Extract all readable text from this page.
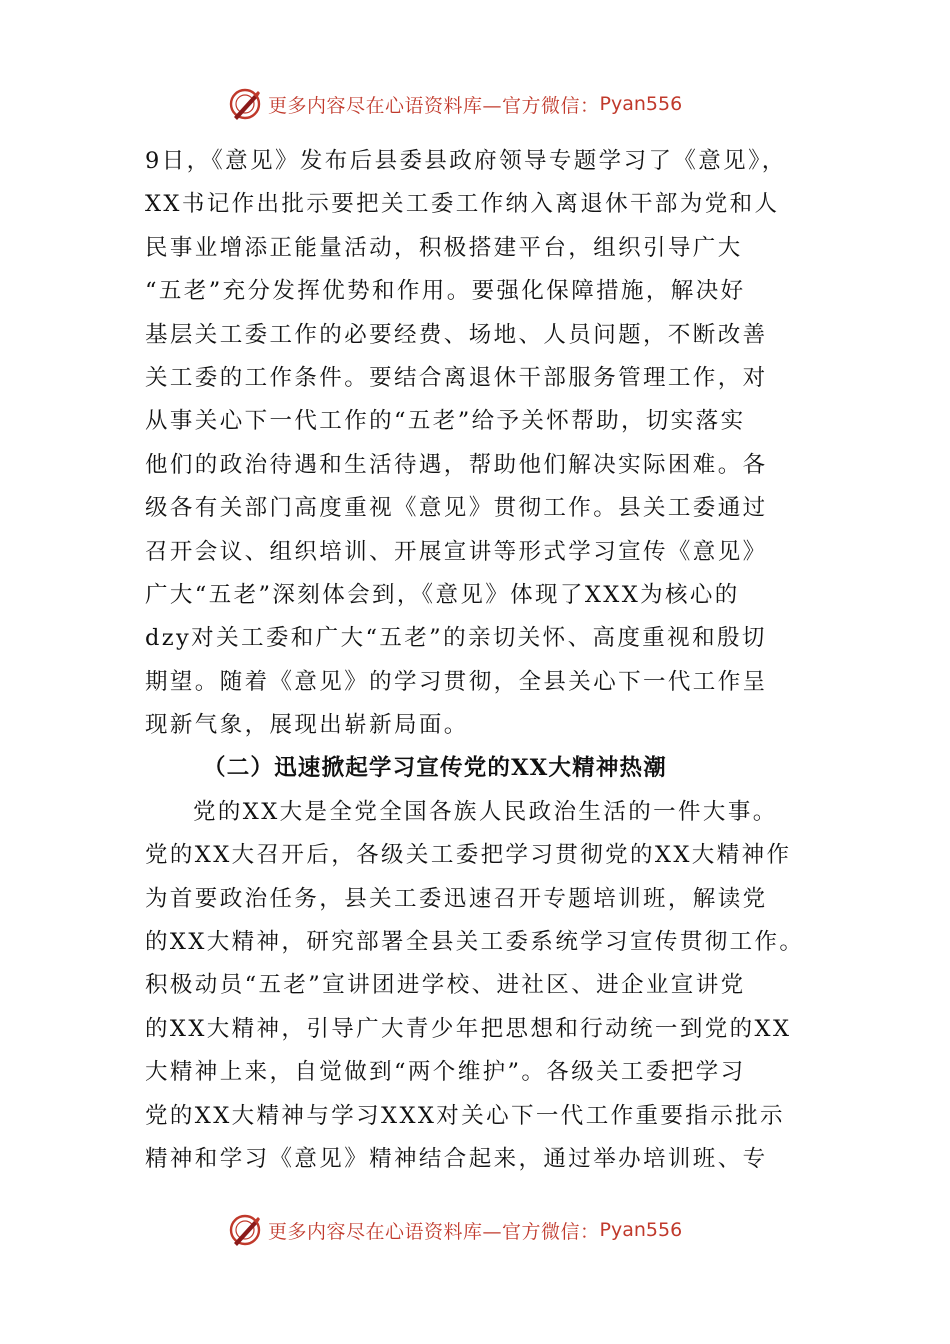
更多内容尽在心语资料库—官方微信： Pyan556
9日，《意见》发布后县委县政府领导专题学习了《意见》，
XX书记作出批示要把关工委工作纳入离退休干部为党和人
民事业增添正能量活动，积极搭建平台，组织引导广大
“五老”充分发挥优势和作用。要强化保障措施，解决好
基层关工委工作的必要经费、场地、人员问题，不断改善
关工委的工作条件。要结合离退休干部服务管理工作，对
从事关心下一代工作的“五老”给予关怀帮助，切实落实
他们的政治待遇和生活待遇，帮助他们解决实际困难。各
级各有关部门高度重视《意见》贯彻工作。县关工委通过
召开会议、组织培训、开展宣讲等形式学习宣传《意见》
广大“五老”深刻体会到，《意见》体现了XXX为核心的
dzy对关工委和广大“五老”的亲切关怀、高度重视和殷切
期望。随着《意见》的学习贯彻，全县关心下一代工作呈
现新气象，展现出崭新局面。
（二）迅速掀起学习宣传党的XX大精神热潮
党的XX大是全党全国各族人民政治生活的一件大事。
党的XX大召开后，各级关工委把学习贯彻党的XX大精神作
为首要政治任务，县关工委迅速召开专题培训班，解读党
的XX大精神，研究部署全县关工委系统学习宣传贯彻工作。
积极动员“五老”宣讲团进学校、进社区、进企业宣讲党
的XX大精神，引导广大青少年把思想和行动统一到党的XX
大精神上来，自觉做到“两个维护”。各级关工委把学习
党的XX大精神与学习XXX对关心下一代工作重要指示批示
精神和学习《意见》精神结合起来，通过举办培训班、专
更多内容尽在心语资料库—官方微信： Pyan556
